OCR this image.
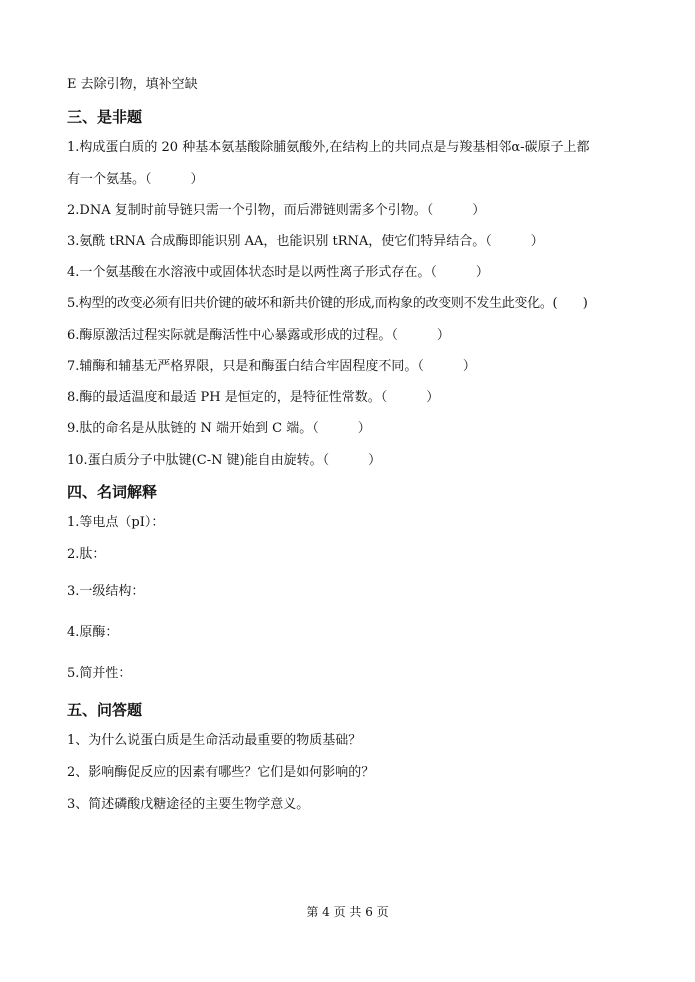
E 去除引物，填补空缺
三、是非题
1.构成蛋白质的 20 种基本氨基酸除脯氨酸外,在结构上的共同点是与羧基相邻α-碳原子上都
有一个氨基。（　　　）
2.DNA 复制时前导链只需一个引物，而后滞链则需多个引物。（　　　）
3.氨酰 tRNA 合成酶即能识别 AA，也能识别 tRNA，使它们特异结合。（　　　）
4.一个氨基酸在水溶液中或固体状态时是以两性离子形式存在。（　　　）
5.构型的改变必须有旧共价键的破坏和新共价键的形成,而构象的改变则不发生此变化。(　　)
6.酶原激活过程实际就是酶活性中心暴露或形成的过程。（　　　）
7.辅酶和辅基无严格界限，只是和酶蛋白结合牢固程度不同。（　　　）
8.酶的最适温度和最适 PH 是恒定的，是特征性常数。（　　　）
9.肽的命名是从肽链的 N 端开始到 C 端。（　　　）
10.蛋白质分子中肽键(C-N 键)能自由旋转。（　　　）
四、名词解释
1.等电点（pI）：
2.肽：
3.一级结构：
4.原酶：
5.简并性：
五、问答题
1、为什么说蛋白质是生命活动最重要的物质基础？
2、影响酶促反应的因素有哪些？它们是如何影响的？
3、简述磷酸戊糖途径的主要生物学意义。
第 4 页 共 6 页
